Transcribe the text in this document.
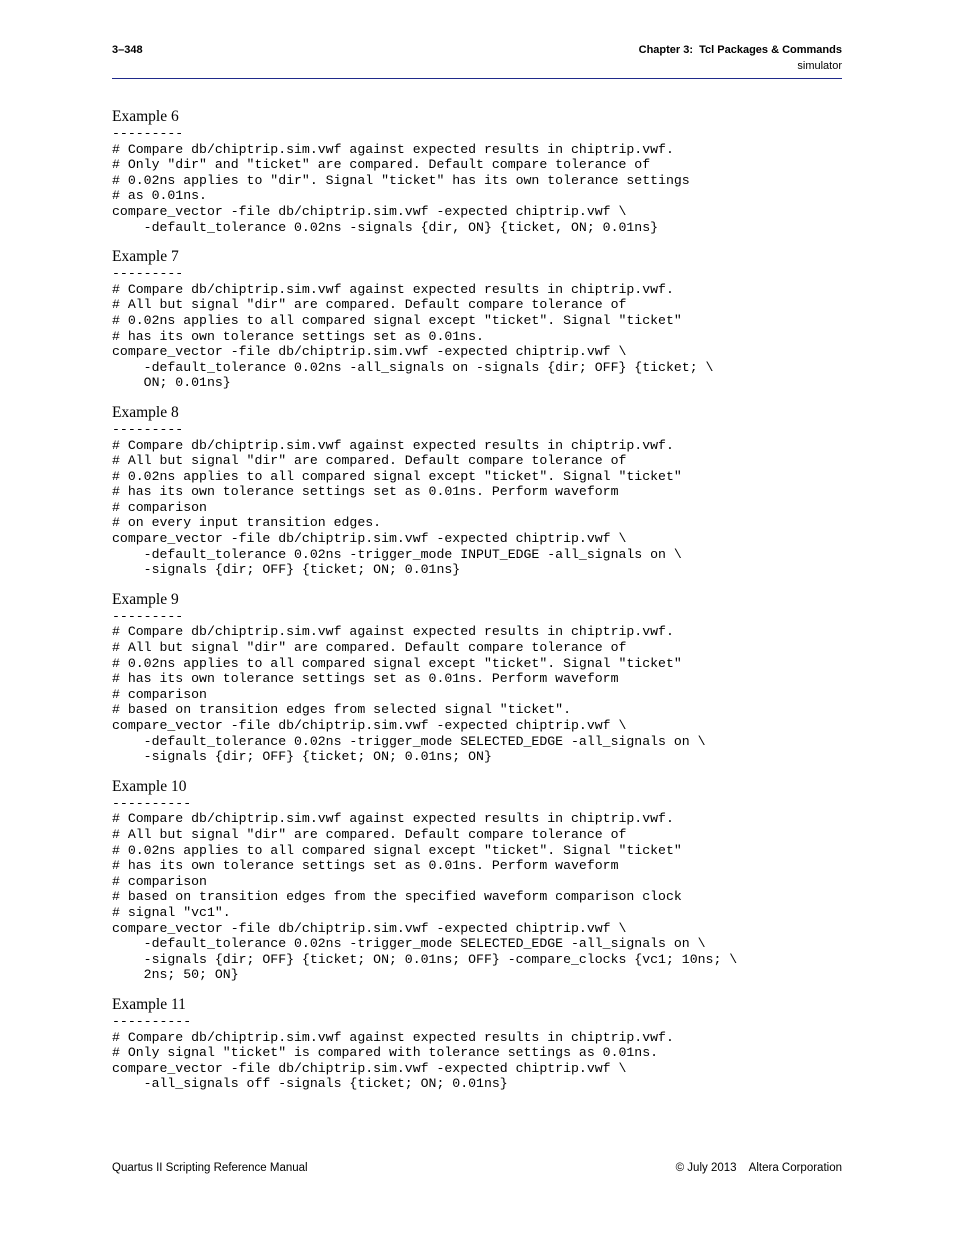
3–348	Chapter 3:  Tcl Packages & Commands
simulator
Example 6
---------
# Compare db/chiptrip.sim.vwf against expected results in chiptrip.vwf.
# Only "dir" and "ticket" are compared. Default compare tolerance of
# 0.02ns applies to "dir". Signal "ticket" has its own tolerance settings
# as 0.01ns.
compare_vector -file db/chiptrip.sim.vwf -expected chiptrip.vwf \
-default_tolerance 0.02ns -signals {dir, ON} {ticket, ON; 0.01ns}
Example 7
---------
# Compare db/chiptrip.sim.vwf against expected results in chiptrip.vwf.
# All but signal "dir" are compared. Default compare tolerance of
# 0.02ns applies to all compared signal except "ticket". Signal "ticket"
# has its own tolerance settings set as 0.01ns.
compare_vector -file db/chiptrip.sim.vwf -expected chiptrip.vwf \
-default_tolerance 0.02ns -all_signals on -signals {dir; OFF} {ticket; \
ON; 0.01ns}
Example 8
---------
# Compare db/chiptrip.sim.vwf against expected results in chiptrip.vwf.
# All but signal "dir" are compared. Default compare tolerance of
# 0.02ns applies to all compared signal except "ticket". Signal "ticket"
# has its own tolerance settings set as 0.01ns. Perform waveform
# comparison
# on every input transition edges.
compare_vector -file db/chiptrip.sim.vwf -expected chiptrip.vwf \
-default_tolerance 0.02ns -trigger_mode INPUT_EDGE -all_signals on \
-signals {dir; OFF} {ticket; ON; 0.01ns}
Example 9
---------
# Compare db/chiptrip.sim.vwf against expected results in chiptrip.vwf.
# All but signal "dir" are compared. Default compare tolerance of
# 0.02ns applies to all compared signal except "ticket". Signal "ticket"
# has its own tolerance settings set as 0.01ns. Perform waveform
# comparison
# based on transition edges from selected signal "ticket".
compare_vector -file db/chiptrip.sim.vwf -expected chiptrip.vwf \
-default_tolerance 0.02ns -trigger_mode SELECTED_EDGE -all_signals on \
-signals {dir; OFF} {ticket; ON; 0.01ns; ON}
Example 10
----------
# Compare db/chiptrip.sim.vwf against expected results in chiptrip.vwf.
# All but signal "dir" are compared. Default compare tolerance of
# 0.02ns applies to all compared signal except "ticket". Signal "ticket"
# has its own tolerance settings set as 0.01ns. Perform waveform
# comparison
# based on transition edges from the specified waveform comparison clock
# signal "vc1".
compare_vector -file db/chiptrip.sim.vwf -expected chiptrip.vwf \
-default_tolerance 0.02ns -trigger_mode SELECTED_EDGE -all_signals on \
-signals {dir; OFF} {ticket; ON; 0.01ns; OFF} -compare_clocks {vc1; 10ns; \
2ns; 50; ON}
Example 11
----------
# Compare db/chiptrip.sim.vwf against expected results in chiptrip.vwf.
# Only signal "ticket" is compared with tolerance settings as 0.01ns.
compare_vector -file db/chiptrip.sim.vwf -expected chiptrip.vwf \
-all_signals off -signals {ticket; ON; 0.01ns}
Quartus II Scripting Reference Manual	© July 2013    Altera Corporation
